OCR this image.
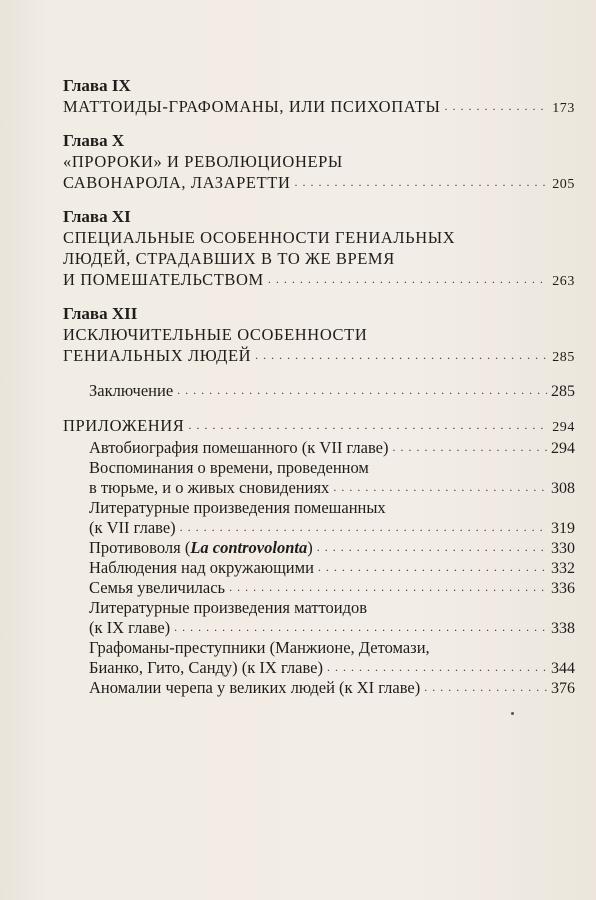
Глава IX
МАТТОИДЫ-ГРАФОМАНЫ, ИЛИ ПСИХОПАТЫ . . .	173
Глава X
«ПРОРОКИ» И РЕВОЛЮЦИОНЕРЫ
САВОНАРОЛА, ЛАЗАРЕТТИ . . .	205
Глава XI
СПЕЦИАЛЬНЫЕ ОСОБЕННОСТИ ГЕНИАЛЬНЫХ
ЛЮДЕЙ, СТРАДАВШИХ В ТО ЖЕ ВРЕМЯ
И ПОМЕШАТЕЛЬСТВОМ . . .	263
Глава XII
ИСКЛЮЧИТЕЛЬНЫЕ ОСОБЕННОСТИ
ГЕНИАЛЬНЫХ ЛЮДЕЙ . . .	285
Заключение . . .	285
ПРИЛОЖЕНИЯ . . .	294
Автобиография помешанного (к VII главе) . . .	294
Воспоминания о времени, проведенном
в тюрьме, и о живых сновидениях . . .	308
Литературные произведения помешанных
(к VII главе) . . .	319
Противоволя (La controvolonta) . . .	330
Наблюдения над окружающими . . .	332
Семья увеличилась . . .	336
Литературные произведения маттоидов
(к IX главе) . . .	338
Графоманы-преступники (Манжионе, Детомази,
Бианко, Гито, Санду) (к IX главе) . . .	344
Аномалии черепа у великих людей (к XI главе) . . .	376
